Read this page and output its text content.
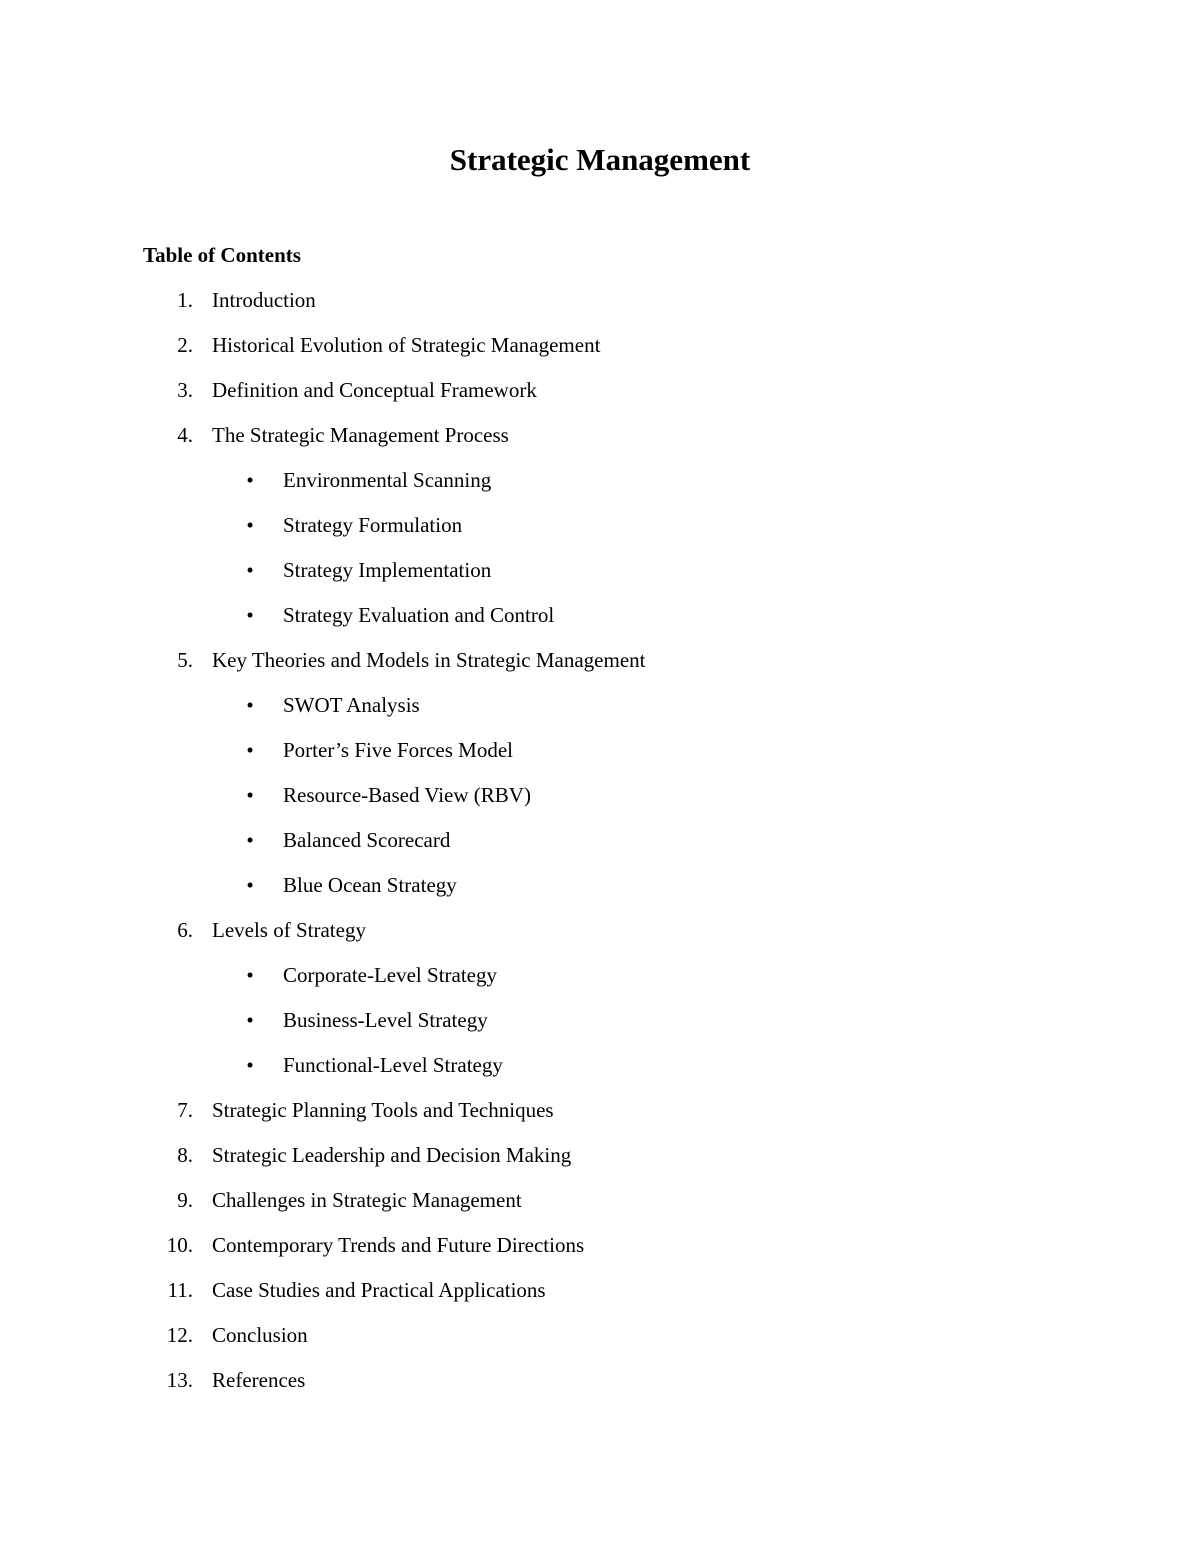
Strategic Management
Table of Contents
1. Introduction
2. Historical Evolution of Strategic Management
3. Definition and Conceptual Framework
4. The Strategic Management Process
• Environmental Scanning
• Strategy Formulation
• Strategy Implementation
• Strategy Evaluation and Control
5. Key Theories and Models in Strategic Management
• SWOT Analysis
• Porter’s Five Forces Model
• Resource-Based View (RBV)
• Balanced Scorecard
• Blue Ocean Strategy
6. Levels of Strategy
• Corporate-Level Strategy
• Business-Level Strategy
• Functional-Level Strategy
7. Strategic Planning Tools and Techniques
8. Strategic Leadership and Decision Making
9. Challenges in Strategic Management
10. Contemporary Trends and Future Directions
11. Case Studies and Practical Applications
12. Conclusion
13. References
